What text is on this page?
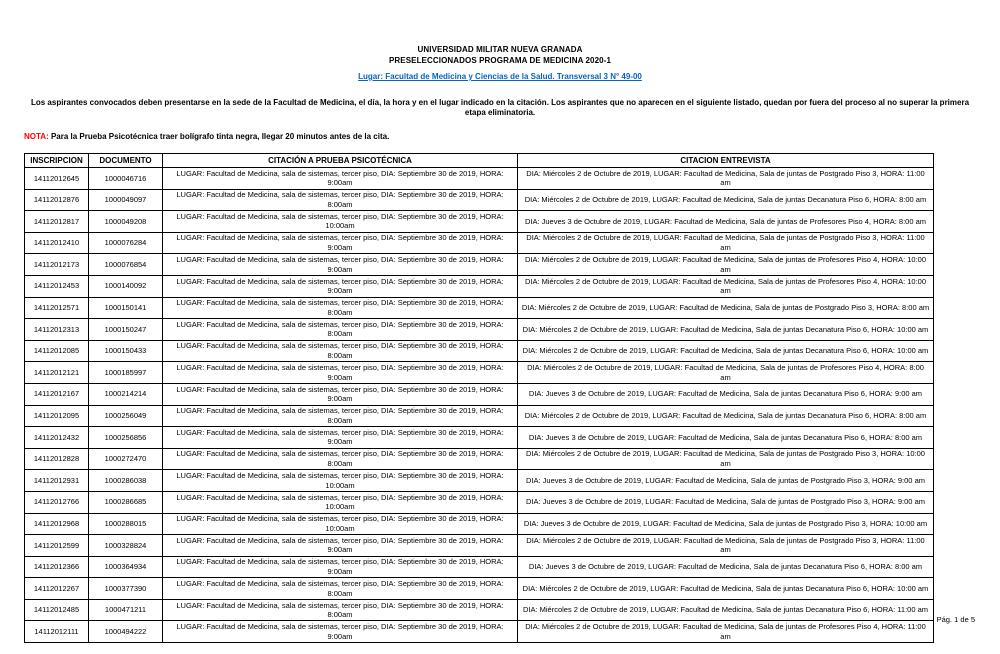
UNIVERSIDAD MILITAR NUEVA GRANADA
PRESELECCIONADOS PROGRAMA DE MEDICINA 2020-1
Lugar: Facultad de Medicina y Ciencias de la Salud. Transversal 3 N° 49-00

Los aspirantes convocados deben presentarse en la sede de la Facultad de Medicina, el día, la hora y en el lugar indicado en la citación. Los aspirantes que no aparecen en el siguiente listado, quedan por fuera del proceso al no superar la primera etapa eliminatoria.

NOTA: Para la Prueba Psicotécnica traer bolígrafo tinta negra, llegar 20 minutos antes de la cita.

INSCRIPCION	DOCUMENTO	CITACIÓN A PRUEBA PSICOTÉCNICA	CITACION ENTREVISTA
14112012645	1000046716	LUGAR: Facultad de Medicina, sala de sistemas, tercer piso, DIA: Septiembre 30 de 2019, HORA: 9:00am	DIA: Miércoles 2 de Octubre de 2019, LUGAR: Facultad de Medicina, Sala de juntas de Postgrado Piso 3, HORA: 11:00 am
14112012876	1000049097	LUGAR: Facultad de Medicina, sala de sistemas, tercer piso, DIA: Septiembre 30 de 2019, HORA: 8:00am	DIA: Miércoles 2 de Octubre de 2019, LUGAR: Facultad de Medicina, Sala de juntas Decanatura Piso 6, HORA: 8:00 am
14112012817	1000049208	LUGAR: Facultad de Medicina, sala de sistemas, tercer piso, DIA: Septiembre 30 de 2019, HORA: 10:00am	DIA: Jueves 3 de Octubre de 2019, LUGAR: Facultad de Medicina, Sala de juntas de Profesores Piso 4, HORA: 8:00 am
14112012410	1000076284	LUGAR: Facultad de Medicina, sala de sistemas, tercer piso, DIA: Septiembre 30 de 2019, HORA: 9:00am	DIA: Miércoles 2 de Octubre de 2019, LUGAR: Facultad de Medicina, Sala de juntas de Postgrado Piso 3, HORA: 11:00 am
14112012173	1000076854	LUGAR: Facultad de Medicina, sala de sistemas, tercer piso, DIA: Septiembre 30 de 2019, HORA: 9:00am	DIA: Miércoles 2 de Octubre de 2019, LUGAR: Facultad de Medicina, Sala de juntas de Profesores Piso 4, HORA: 10:00 am
14112012453	1000140092	LUGAR: Facultad de Medicina, sala de sistemas, tercer piso, DIA: Septiembre 30 de 2019, HORA: 9:00am	DIA: Miércoles 2 de Octubre de 2019, LUGAR: Facultad de Medicina, Sala de juntas de Profesores Piso 4, HORA: 10:00 am
14112012571	1000150141	LUGAR: Facultad de Medicina, sala de sistemas, tercer piso, DIA: Septiembre 30 de 2019, HORA: 8:00am	DIA: Miércoles 2 de Octubre de 2019, LUGAR: Facultad de Medicina, Sala de juntas de Postgrado Piso 3, HORA: 8:00 am
14112012313	1000150247	LUGAR: Facultad de Medicina, sala de sistemas, tercer piso, DIA: Septiembre 30 de 2019, HORA: 8:00am	DIA: Miércoles 2 de Octubre de 2019, LUGAR: Facultad de Medicina, Sala de juntas Decanatura Piso 6, HORA: 10:00 am
14112012085	1000150433	LUGAR: Facultad de Medicina, sala de sistemas, tercer piso, DIA: Septiembre 30 de 2019, HORA: 8:00am	DIA: Miércoles 2 de Octubre de 2019, LUGAR: Facultad de Medicina, Sala de juntas Decanatura Piso 6, HORA: 10:00 am
14112012121	1000185997	LUGAR: Facultad de Medicina, sala de sistemas, tercer piso, DIA: Septiembre 30 de 2019, HORA: 9:00am	DIA: Miércoles 2 de Octubre de 2019, LUGAR: Facultad de Medicina, Sala de juntas de Profesores Piso 4, HORA: 8:00 am
14112012167	1000214214	LUGAR: Facultad de Medicina, sala de sistemas, tercer piso, DIA: Septiembre 30 de 2019, HORA: 9:00am	DIA: Jueves 3 de Octubre de 2019, LUGAR: Facultad de Medicina, Sala de juntas Decanatura Piso 6, HORA: 9:00 am
14112012095	1000256049	LUGAR: Facultad de Medicina, sala de sistemas, tercer piso, DIA: Septiembre 30 de 2019, HORA: 8:00am	DIA: Miércoles 2 de Octubre de 2019, LUGAR: Facultad de Medicina, Sala de juntas Decanatura Piso 6, HORA: 8:00 am
14112012432	1000256856	LUGAR: Facultad de Medicina, sala de sistemas, tercer piso, DIA: Septiembre 30 de 2019, HORA: 9:00am	DIA: Jueves 3 de Octubre de 2019, LUGAR: Facultad de Medicina, Sala de juntas Decanatura Piso 6, HORA: 8:00 am
14112012828	1000272470	LUGAR: Facultad de Medicina, sala de sistemas, tercer piso, DIA: Septiembre 30 de 2019, HORA: 8:00am	DIA: Miércoles 2 de Octubre de 2019, LUGAR: Facultad de Medicina, Sala de juntas de Postgrado Piso 3, HORA: 10:00 am
14112012931	1000286038	LUGAR: Facultad de Medicina, sala de sistemas, tercer piso, DIA: Septiembre 30 de 2019, HORA: 10:00am	DIA: Jueves 3 de Octubre de 2019, LUGAR: Facultad de Medicina, Sala de juntas de Postgrado Piso 3, HORA: 9:00 am
14112012766	1000286685	LUGAR: Facultad de Medicina, sala de sistemas, tercer piso, DIA: Septiembre 30 de 2019, HORA: 10:00am	DIA: Jueves 3 de Octubre de 2019, LUGAR: Facultad de Medicina, Sala de juntas de Postgrado Piso 3, HORA: 9:00 am
14112012968	1000288015	LUGAR: Facultad de Medicina, sala de sistemas, tercer piso, DIA: Septiembre 30 de 2019, HORA: 10:00am	DIA: Jueves 3 de Octubre de 2019, LUGAR: Facultad de Medicina, Sala de juntas de Postgrado Piso 3, HORA: 10:00 am
14112012599	1000328824	LUGAR: Facultad de Medicina, sala de sistemas, tercer piso, DIA: Septiembre 30 de 2019, HORA: 9:00am	DIA: Miércoles 2 de Octubre de 2019, LUGAR: Facultad de Medicina, Sala de juntas de Postgrado Piso 3, HORA: 11:00 am
14112012366	1000364934	LUGAR: Facultad de Medicina, sala de sistemas, tercer piso, DIA: Septiembre 30 de 2019, HORA: 9:00am	DIA: Jueves 3 de Octubre de 2019, LUGAR: Facultad de Medicina, Sala de juntas Decanatura Piso 6, HORA: 8:00 am
14112012267	1000377390	LUGAR: Facultad de Medicina, sala de sistemas, tercer piso, DIA: Septiembre 30 de 2019, HORA: 8:00am	DIA: Miércoles 2 de Octubre de 2019, LUGAR: Facultad de Medicina, Sala de juntas Decanatura Piso 6, HORA: 10:00 am
14112012485	1000471211	LUGAR: Facultad de Medicina, sala de sistemas, tercer piso, DIA: Septiembre 30 de 2019, HORA: 8:00am	DIA: Miércoles 2 de Octubre de 2019, LUGAR: Facultad de Medicina, Sala de juntas Decanatura Piso 6, HORA: 11:00 am
14112012111	1000494222	LUGAR: Facultad de Medicina, sala de sistemas, tercer piso, DIA: Septiembre 30 de 2019, HORA: 9:00am	DIA: Miércoles 2 de Octubre de 2019, LUGAR: Facultad de Medicina, Sala de juntas de Profesores Piso 4, HORA: 11:00 am
Pág. 1 de 5
